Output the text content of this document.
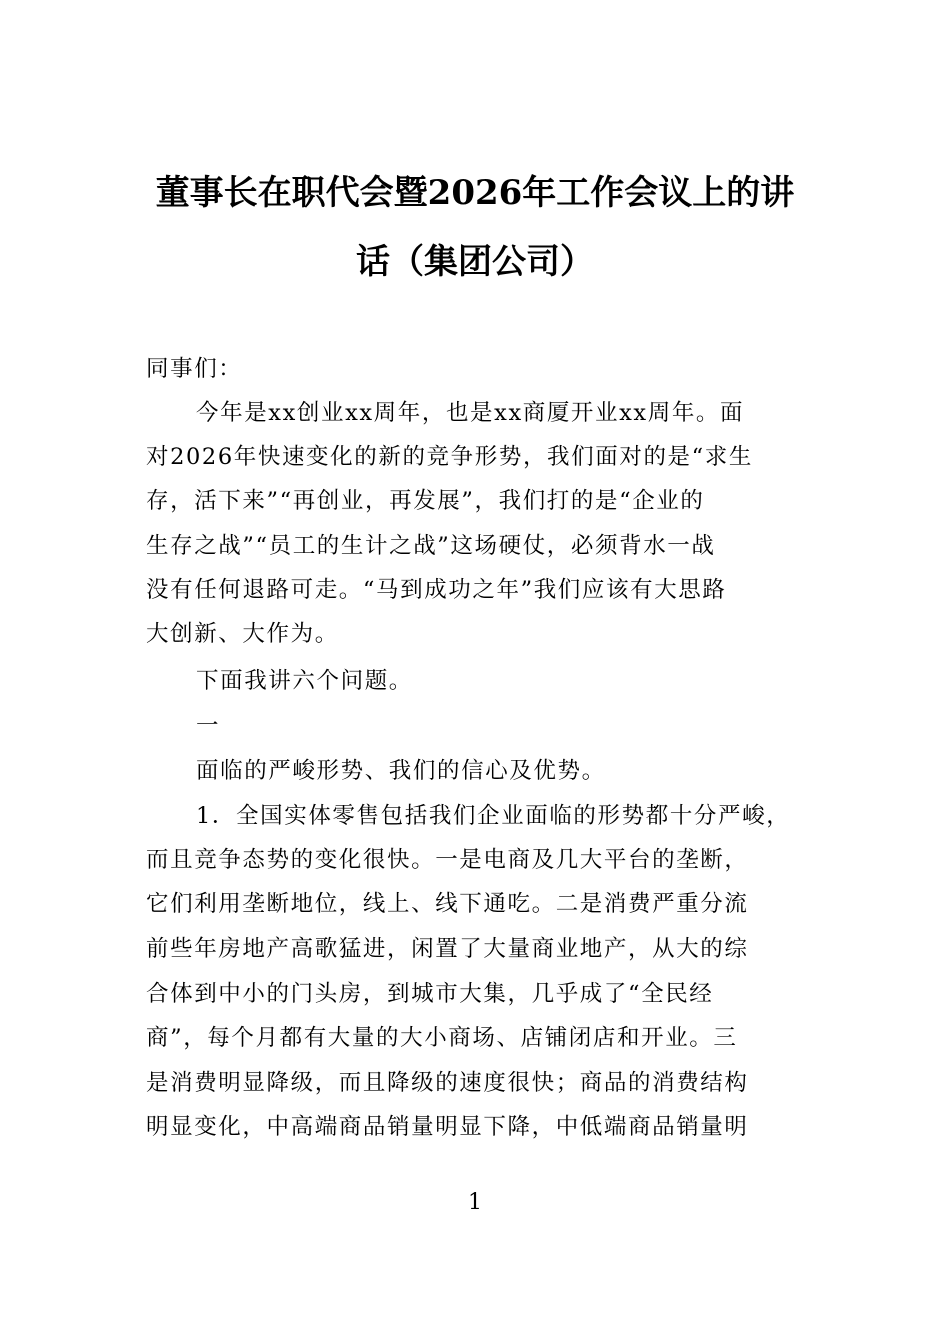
董事长在职代会暨2026年工作会议上的讲
话（集团公司）
同事们：
今年是xx创业xx周年，也是xx商厦开业xx周年。面
对2026年快速变化的新的竞争形势，我们面对的是“求生
存，活下来”“再创业，再发展”，我们打的是“企业的
生存之战”“员工的生计之战”这场硬仗，必须背水一战
没有任何退路可走。“马到成功之年”我们应该有大思路
大创新、大作为。
下面我讲六个问题。
一
面临的严峻形势、我们的信心及优势。
1．全国实体零售包括我们企业面临的形势都十分严峻，
而且竞争态势的变化很快。一是电商及几大平台的垄断，
它们利用垄断地位，线上、线下通吃。二是消费严重分流
前些年房地产高歌猛进，闲置了大量商业地产，从大的综
合体到中小的门头房，到城市大集，几乎成了“全民经
商”，每个月都有大量的大小商场、店铺闭店和开业。三
是消费明显降级，而且降级的速度很快；商品的消费结构
明显变化，中高端商品销量明显下降，中低端商品销量明
1
